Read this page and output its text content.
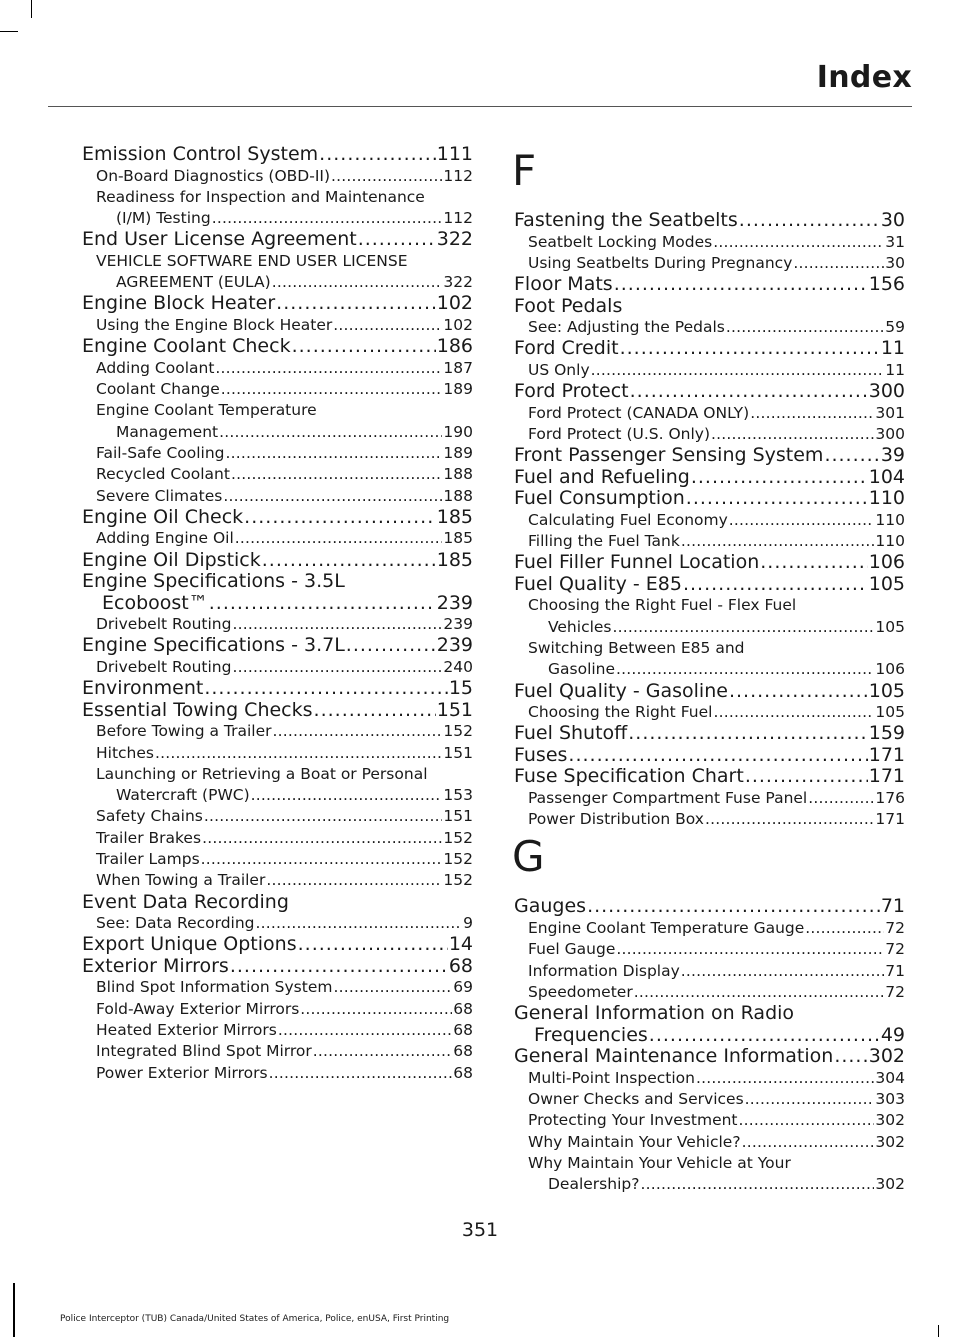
Index
Emission Control System .....	111
On-Board Diagnostics (OBD-II) .....	112
Readiness for Inspection and Maintenance
(I/M) Testing .....	112
End User License Agreement .....	322
VEHICLE SOFTWARE END USER LICENSE
AGREEMENT (EULA) .....	322
Engine Block Heater .....	102
Using the Engine Block Heater .....	102
Engine Coolant Check .....	186
Adding Coolant .....	187
Coolant Change .....	189
Engine Coolant Temperature
Management .....	190
Fail-Safe Cooling .....	189
Recycled Coolant .....	188
Severe Climates .....	188
Engine Oil Check .....	185
Adding Engine Oil .....	185
Engine Oil Dipstick .....	185
Engine Specifications - 3.5L
Ecoboost™ .....	239
Drivebelt Routing .....	239
Engine Specifications - 3.7L .....	239
Drivebelt Routing .....	240
Environment .....	15
Essential Towing Checks .....	151
Before Towing a Trailer .....	152
Hitches .....	151
Launching or Retrieving a Boat or Personal
Watercraft (PWC) .....	153
Safety Chains .....	151
Trailer Brakes .....	152
Trailer Lamps .....	152
When Towing a Trailer .....	152
Event Data Recording
See: Data Recording .....	9
Export Unique Options .....	14
Exterior Mirrors .....	68
Blind Spot Information System .....	69
Fold-Away Exterior Mirrors .....	68
Heated Exterior Mirrors .....	68
Integrated Blind Spot Mirror .....	68
Power Exterior Mirrors .....	68
F
Fastening the Seatbelts .....	30
Seatbelt Locking Modes .....	31
Using Seatbelts During Pregnancy .....	30
Floor Mats .....	156
Foot Pedals
See: Adjusting the Pedals .....	59
Ford Credit .....	11
US Only .....	11
Ford Protect .....	300
Ford Protect (CANADA ONLY) .....	301
Ford Protect (U.S. Only) .....	300
Front Passenger Sensing System .....	39
Fuel and Refueling .....	104
Fuel Consumption .....	110
Calculating Fuel Economy .....	110
Filling the Fuel Tank .....	110
Fuel Filler Funnel Location .....	106
Fuel Quality - E85 .....	105
Choosing the Right Fuel - Flex Fuel
Vehicles .....	105
Switching Between E85 and
Gasoline .....	106
Fuel Quality - Gasoline .....	105
Choosing the Right Fuel .....	105
Fuel Shutoff .....	159
Fuses .....	171
Fuse Specification Chart .....	171
Passenger Compartment Fuse Panel .....	176
Power Distribution Box .....	171
G
Gauges .....	71
Engine Coolant Temperature Gauge .....	72
Fuel Gauge .....	72
Information Display .....	71
Speedometer .....	72
General Information on Radio
Frequencies .....	49
General Maintenance Information ..... 302
Multi-Point Inspection .....	304
Owner Checks and Services .....	303
Protecting Your Investment .....	302
Why Maintain Your Vehicle? .....	302
Why Maintain Your Vehicle at Your
Dealership? .....	302
351
Police Interceptor (TUB) Canada/United States of America, Police, enUSA, First Printing
